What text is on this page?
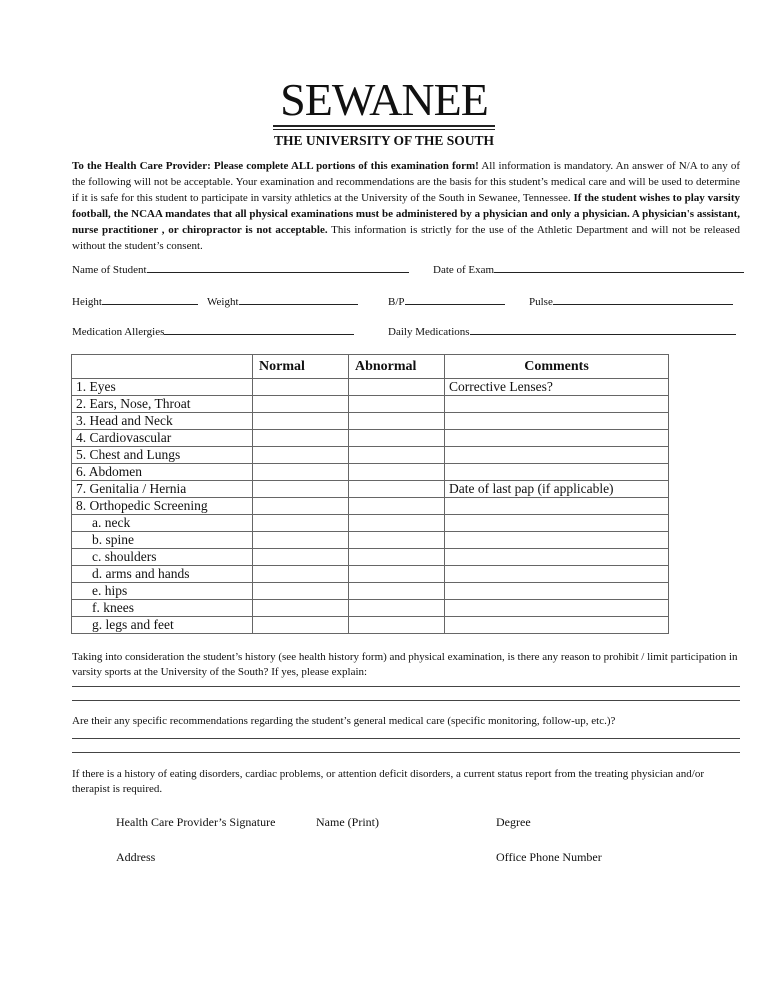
SEWANEE
THE UNIVERSITY OF THE SOUTH
To the Health Care Provider: Please complete ALL portions of this examination form! All information is mandatory. An answer of N/A to any of the following will not be acceptable. Your examination and recommendations are the basis for this student’s medical care and will be used to determine if it is safe for this student to participate in varsity athletics at the University of the South in Sewanee, Tennessee. If the student wishes to play varsity football, the NCAA mandates that all physical examinations must be administered by a physician and only a physician. A physician's assistant, nurse practitioner , or chiropractor is not acceptable. This information is strictly for the use of the Athletic Department and will not be released without the student’s consent.
Name of Student	Date of Exam
Height	Weight	B/P	Pulse
Medication Allergies	Daily Medications
	Normal	Abnormal	Comments
1. Eyes			Corrective Lenses?
2. Ears, Nose, Throat			
3. Head and Neck			
4. Cardiovascular			
5. Chest and Lungs			
6. Abdomen			
7. Genitalia / Hernia			Date of last pap (if applicable)
8. Orthopedic Screening			
a. neck			
b. spine			
c. shoulders			
d. arms and hands			
e. hips			
f. knees			
g. legs and feet			
Taking into consideration the student’s history (see health history form) and physical examination, is there any reason to prohibit / limit participation in varsity sports at the University of the South? If yes, please explain:
Are their any specific recommendations regarding the student’s general medical care (specific monitoring, follow-up, etc.)?
If there is a history of eating disorders, cardiac problems, or attention deficit disorders, a current status report from the treating physician and/or therapist is required.
Health Care Provider’s Signature	Name (Print)	Degree
Address	Office Phone Number
